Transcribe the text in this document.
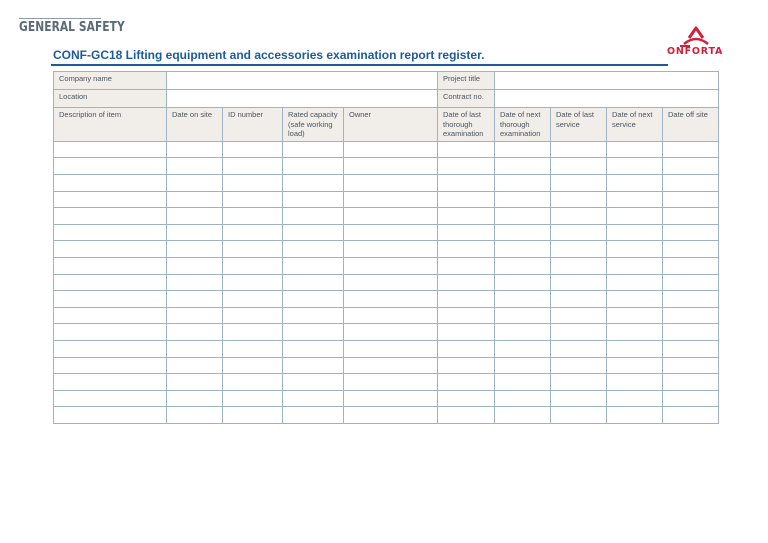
GENERAL SAFETY
ONFORTA
CONF-GC18 Lifting equipment and accessories examination report register.
Company name					Project title				
Location					Contract no.				
Description of item	Date on site	ID number	Rated capacity (safe working load)	Owner	Date of last thorough examination	Date of next thorough examination	Date of last service	Date of next service	Date off site
